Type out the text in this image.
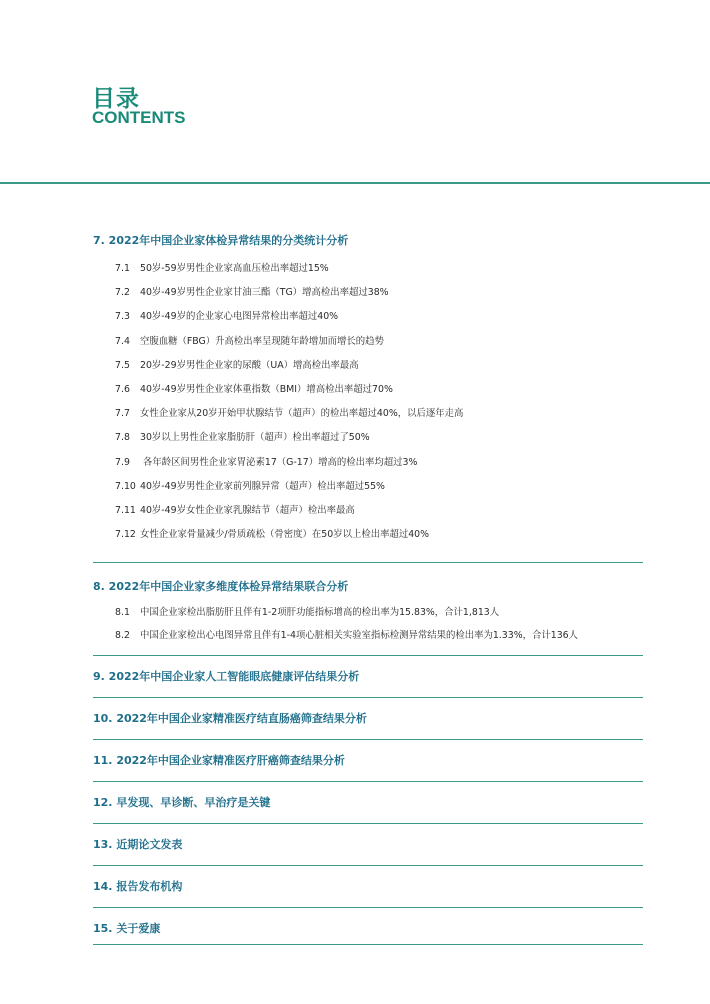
目录
CONTENTS
7. 2022年中国企业家体检异常结果的分类统计分析
7.1 50岁-59岁男性企业家高血压检出率超过15%
7.2 40岁-49岁男性企业家甘油三酯（TG）增高检出率超过38%
7.3 40岁-49岁的企业家心电图异常检出率超过40%
7.4 空腹血糖（FBG）升高检出率呈现随年龄增加而增长的趋势
7.5 20岁-29岁男性企业家的尿酸（UA）增高检出率最高
7.6 40岁-49岁男性企业家体重指数（BMI）增高检出率超过70%
7.7 女性企业家从20岁开始甲状腺结节（超声）的检出率超过40%，以后逐年走高
7.8 30岁以上男性企业家脂肪肝（超声）检出率超过了50%
7.9 各年龄区间男性企业家胃泌素17（G-17）增高的检出率均超过3%
7.10 40岁-49岁男性企业家前列腺异常（超声）检出率超过55%
7.11 40岁-49岁女性企业家乳腺结节（超声）检出率最高
7.12 女性企业家骨量减少/骨质疏松（骨密度）在50岁以上检出率超过40%
8. 2022年中国企业家多维度体检异常结果联合分析
8.1 中国企业家检出脂肪肝且伴有1-2项肝功能指标增高的检出率为15.83%，合计1,813人
8.2 中国企业家检出心电图异常且伴有1-4项心脏相关实验室指标检测异常结果的检出率为1.33%，合计136人
9. 2022年中国企业家人工智能眼底健康评估结果分析
10. 2022年中国企业家精准医疗结直肠癌筛查结果分析
11. 2022年中国企业家精准医疗肝癌筛查结果分析
12. 早发现、早诊断、早治疗是关键
13. 近期论文发表
14. 报告发布机构
15. 关于爱康
